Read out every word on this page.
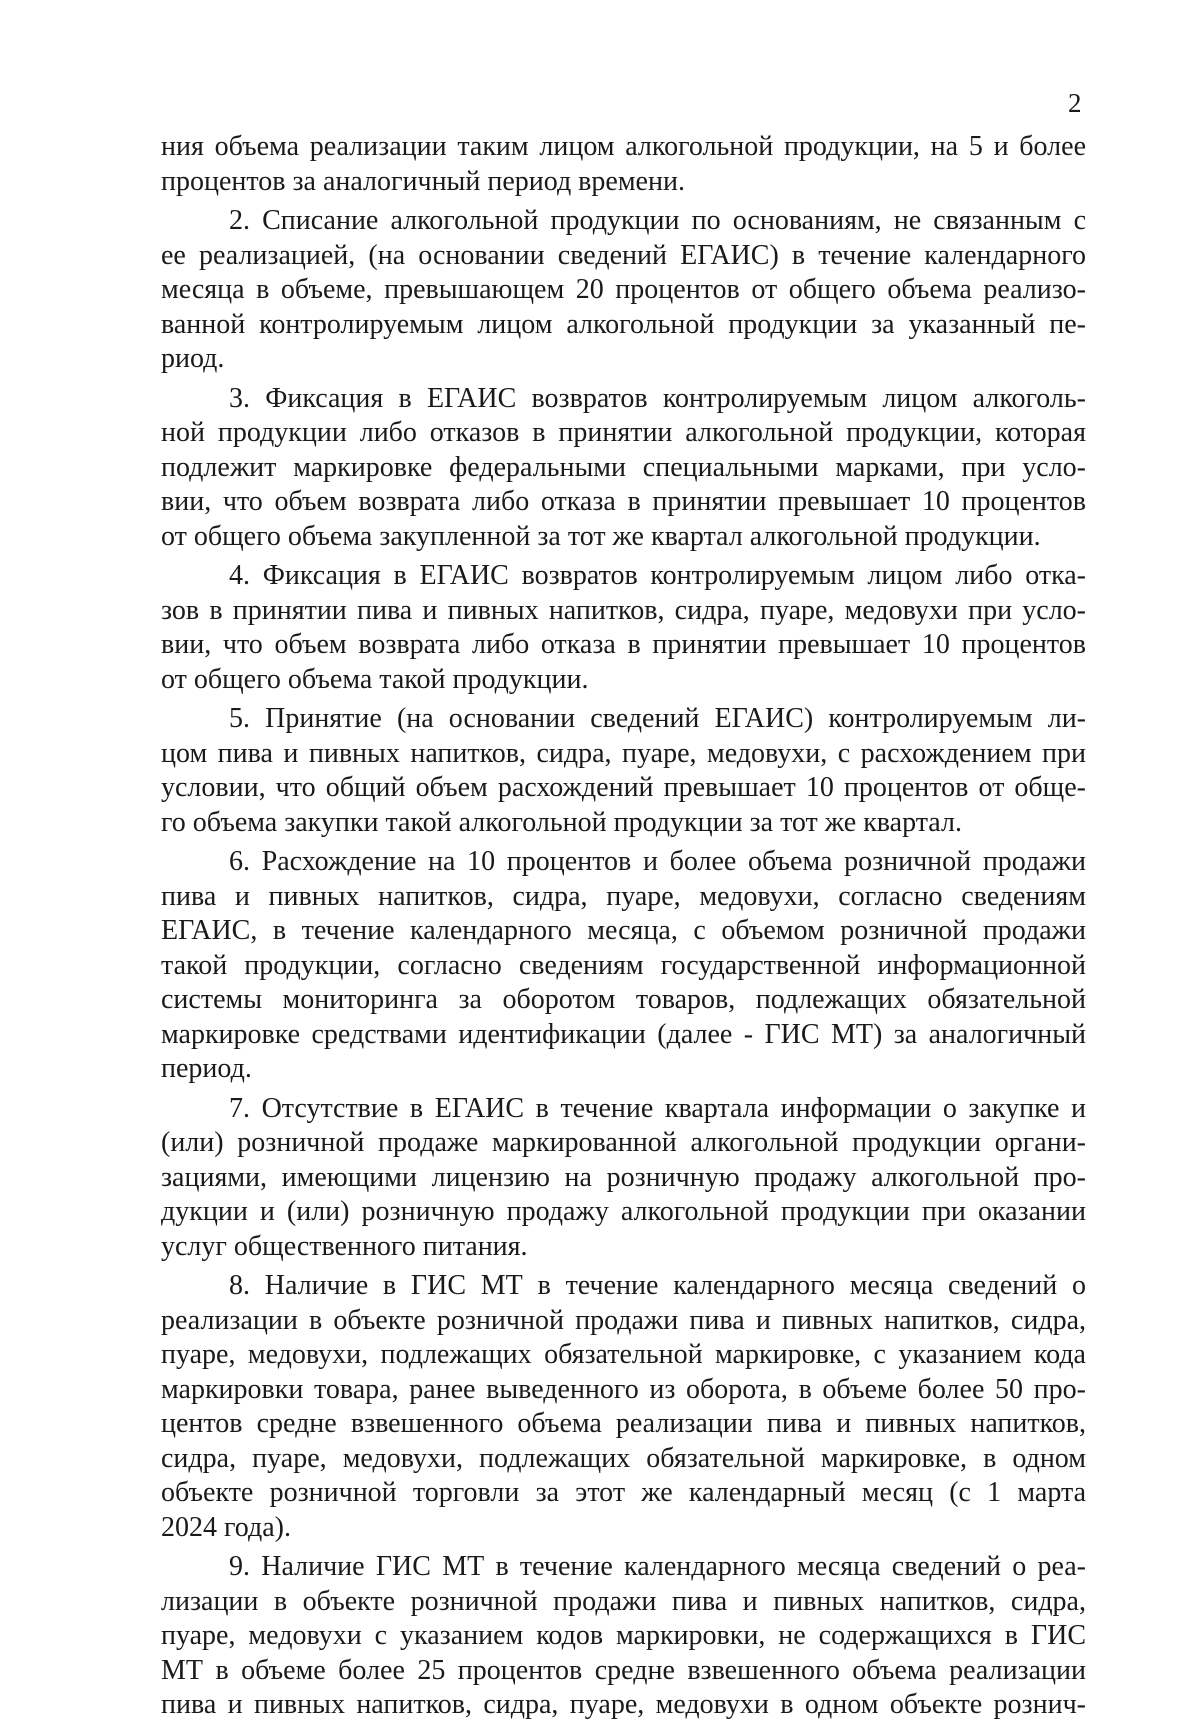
2
ния объема реализации таким лицом алкогольной продукции, на 5 и более
процентов за аналогичный период времени.
2. Списание алкогольной продукции по основаниям, не связанным с
ее реализацией, (на основании сведений ЕГАИС) в течение календарного
месяца в объеме, превышающем 20 процентов от общего объема реализо-
ванной контролируемым лицом алкогольной продукции за указанный пе-
риод.
3. Фиксация в ЕГАИС возвратов контролируемым лицом алкоголь-
ной продукции либо отказов в принятии алкогольной продукции, которая
подлежит маркировке федеральными специальными марками, при усло-
вии, что объем возврата либо отказа в принятии превышает 10 процентов
от общего объема закупленной за тот же квартал алкогольной продукции.
4. Фиксация в ЕГАИС возвратов контролируемым лицом либо отка-
зов в принятии пива и пивных напитков, сидра, пуаре, медовухи при усло-
вии, что объем возврата либо отказа в принятии превышает 10 процентов
от общего объема такой продукции.
5. Принятие (на основании сведений ЕГАИС) контролируемым ли-
цом пива и пивных напитков, сидра, пуаре, медовухи, с расхождением при
условии, что общий объем расхождений превышает 10 процентов от обще-
го объема закупки такой алкогольной продукции за тот же квартал.
6. Расхождение на 10 процентов и более объема розничной продажи
пива и пивных напитков, сидра, пуаре, медовухи, согласно сведениям
ЕГАИС, в течение календарного месяца, с объемом розничной продажи
такой продукции, согласно сведениям государственной информационной
системы мониторинга за оборотом товаров, подлежащих обязательной
маркировке средствами идентификации (далее - ГИС МТ) за аналогичный
период.
7. Отсутствие в ЕГАИС в течение квартала информации о закупке и
(или) розничной продаже маркированной алкогольной продукции органи-
зациями, имеющими лицензию на розничную продажу алкогольной про-
дукции и (или) розничную продажу алкогольной продукции при оказании
услуг общественного питания.
8. Наличие в ГИС МТ в течение календарного месяца сведений о
реализации в объекте розничной продажи пива и пивных напитков, сидра,
пуаре, медовухи, подлежащих обязательной маркировке, с указанием кода
маркировки товара, ранее выведенного из оборота, в объеме более 50 про-
центов средне взвешенного объема реализации пива и пивных напитков,
сидра, пуаре, медовухи, подлежащих обязательной маркировке, в одном
объекте розничной торговли за этот же календарный месяц (с 1 марта
2024 года).
9. Наличие ГИС МТ в течение календарного месяца сведений о реа-
лизации в объекте розничной продажи пива и пивных напитков, сидра,
пуаре, медовухи с указанием кодов маркировки, не содержащихся в ГИС
МТ в объеме более 25 процентов средне взвешенного объема реализации
пива и пивных напитков, сидра, пуаре, медовухи в одном объекте рознич-
